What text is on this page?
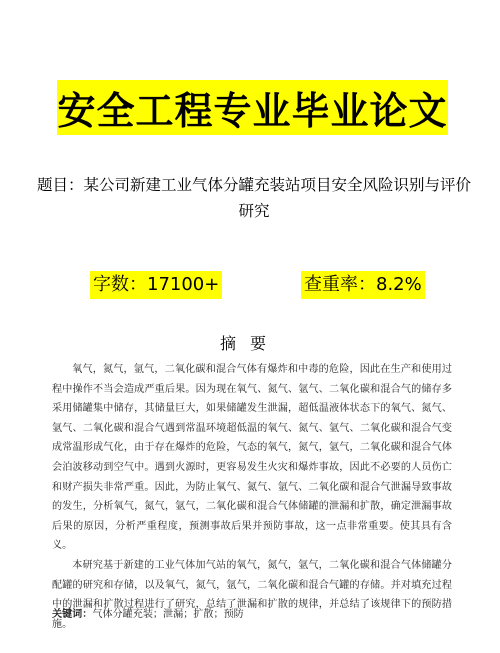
安全工程专业毕业论文
题目：某公司新建工业气体分罐充装站项目安全风险识别与评价研究
字数：17100+	查重率：8.2%
摘要

氧气，氮气，氩气，二氧化碳和混合气体有爆炸和中毒的危险，因此在生产和使用过程中操作不当会造成严重后果。因为现在氧气、氮气、氩气、二氧化碳和混合气的储存多采用储罐集中储存，其储量巨大，如果储罐发生泄漏，超低温液体状态下的氧气、氮气、氩气、二氧化碳和混合气遇到常温环境超低温的氧气、氮气、氩气、二氧化碳和混合气变成常温形成气化，由于存在爆炸的危险，气态的氧气，氮气，氩气，二氧化碳和混合气体会泊波移动到空气中。遇到火源时，更容易发生火灾和爆炸事故，因此不必要的人员伤亡和财产损失非常严重。因此，为防止氧气、氮气、氩气、二氧化碳和混合气泄漏导致事故的发生，分析氧气，氮气，氩气，二氧化碳和混合气体储罐的泄漏和扩散，确定泄漏事故后果的原因，分析严重程度，预测事故后果并预防事故，这一点非常重要。使其具有含义。

本研究基于新建的工业气体加气站的氧气，氮气，氩气，二氧化碳和混合气体储罐分配罐的研究和存储，以及氧气，氮气，氩气，二氧化碳和混合气罐的存储。并对填充过程中的泄漏和扩散过程进行了研究，总结了泄漏和扩散的规律，并总结了该规律下的预防措施。

关键词：气体分罐充装；泄漏；扩散；预防
